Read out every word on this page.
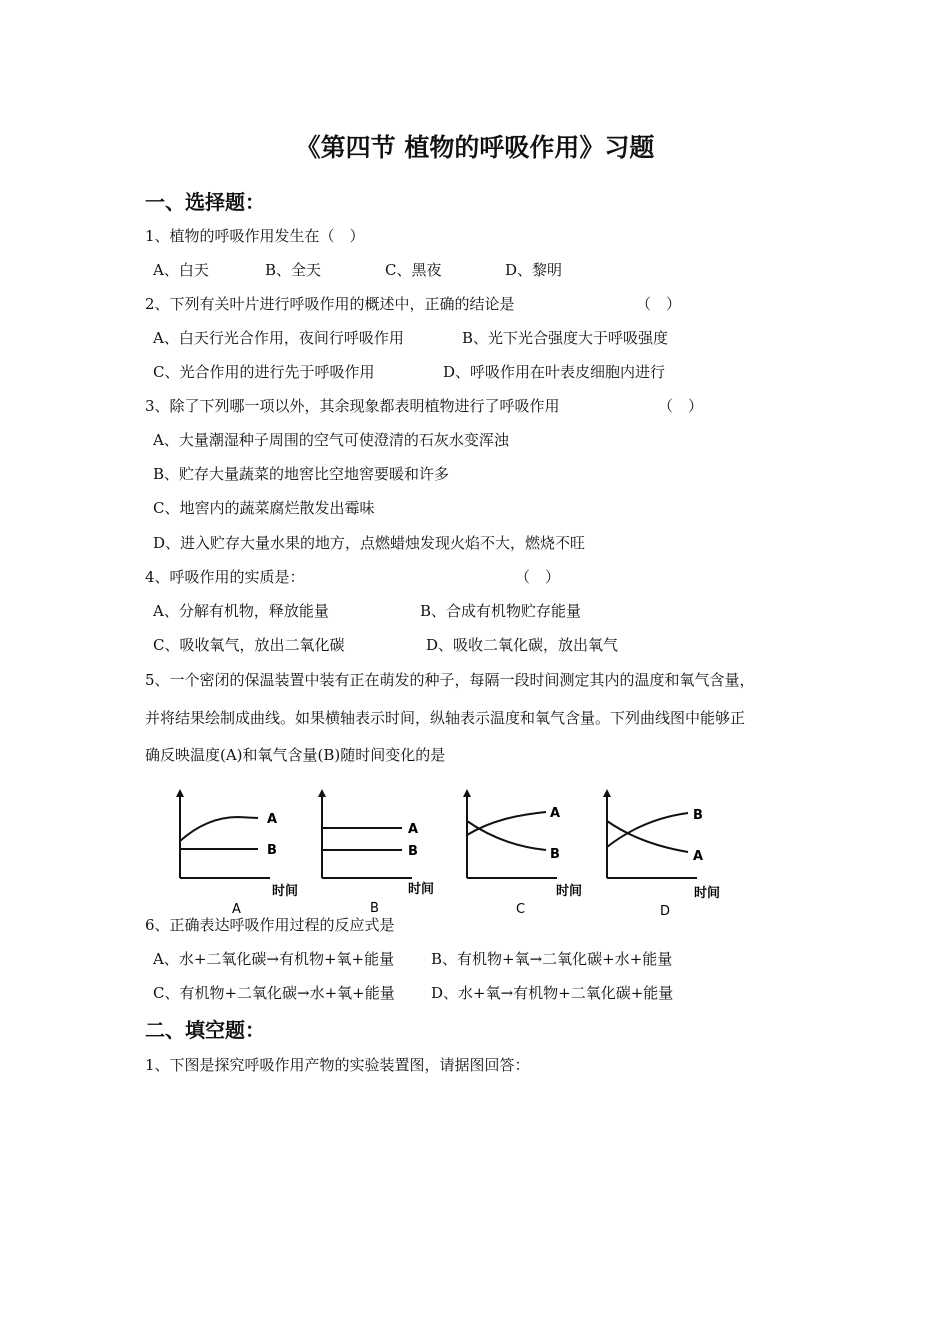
《第四节 植物的呼吸作用》习题
一、选择题：
1、植物的呼吸作用发生在（　）
A、白天	B、全天	C、黑夜	D、黎明
2、下列有关叶片进行呼吸作用的概述中，正确的结论是	（　）
A、白天行光合作用，夜间行呼吸作用	B、光下光合强度大于呼吸强度
C、光合作用的进行先于呼吸作用	D、呼吸作用在叶表皮细胞内进行
3、除了下列哪一项以外，其余现象都表明植物进行了呼吸作用	（　）
A、大量潮湿种子周围的空气可使澄清的石灰水变浑浊
B、贮存大量蔬菜的地窖比空地窖要暖和许多
C、地窖内的蔬菜腐烂散发出霉味
D、进入贮存大量水果的地方，点燃蜡烛发现火焰不大，燃烧不旺
4、呼吸作用的实质是：	（　）
A、分解有机物，释放能量	B、合成有机物贮存能量
C、吸收氧气，放出二氧化碳	D、吸收二氧化碳，放出氧气
5、一个密闭的保温装置中装有正在萌发的种子，每隔一段时间测定其内的温度和氧气含量，
并将结果绘制成曲线。如果横轴表示时间，纵轴表示温度和氧气含量。下列曲线图中能够正
确反映温度(A)和氧气含量(B)随时间变化的是
A
B
时间
A
A
B
时间
B
A
B
时间
C
B
A
时间
D
6、正确表达呼吸作用过程的反应式是
A、水+二氧化碳→有机物+氧+能量 B、有机物+氧→二氧化碳+水+能量
C、有机物+二氧化碳→水+氧+能量 D、水+氧→有机物+二氧化碳+能量
二、填空题：
1、下图是探究呼吸作用产物的实验装置图，请据图回答：
